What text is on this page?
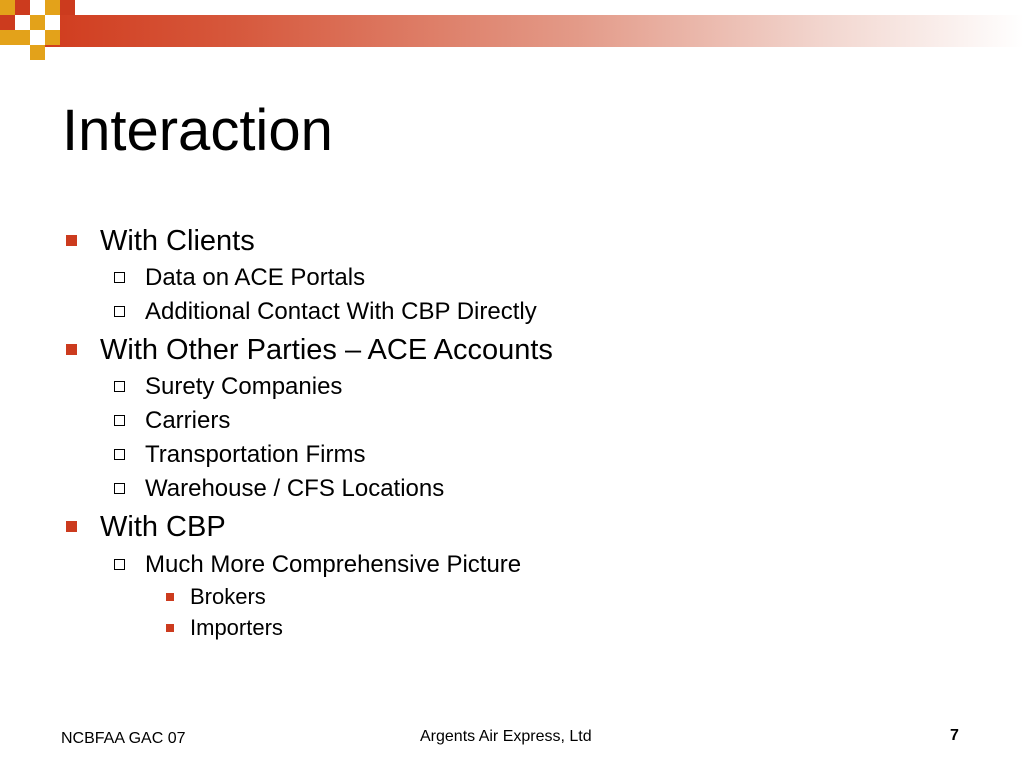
Interaction
With Clients
Data on ACE Portals
Additional Contact With CBP Directly
With Other Parties – ACE Accounts
Surety Companies
Carriers
Transportation Firms
Warehouse / CFS Locations
With CBP
Much More Comprehensive Picture
Brokers
Importers
NCBFAA GAC 07	Argents Air Express, Ltd	7
